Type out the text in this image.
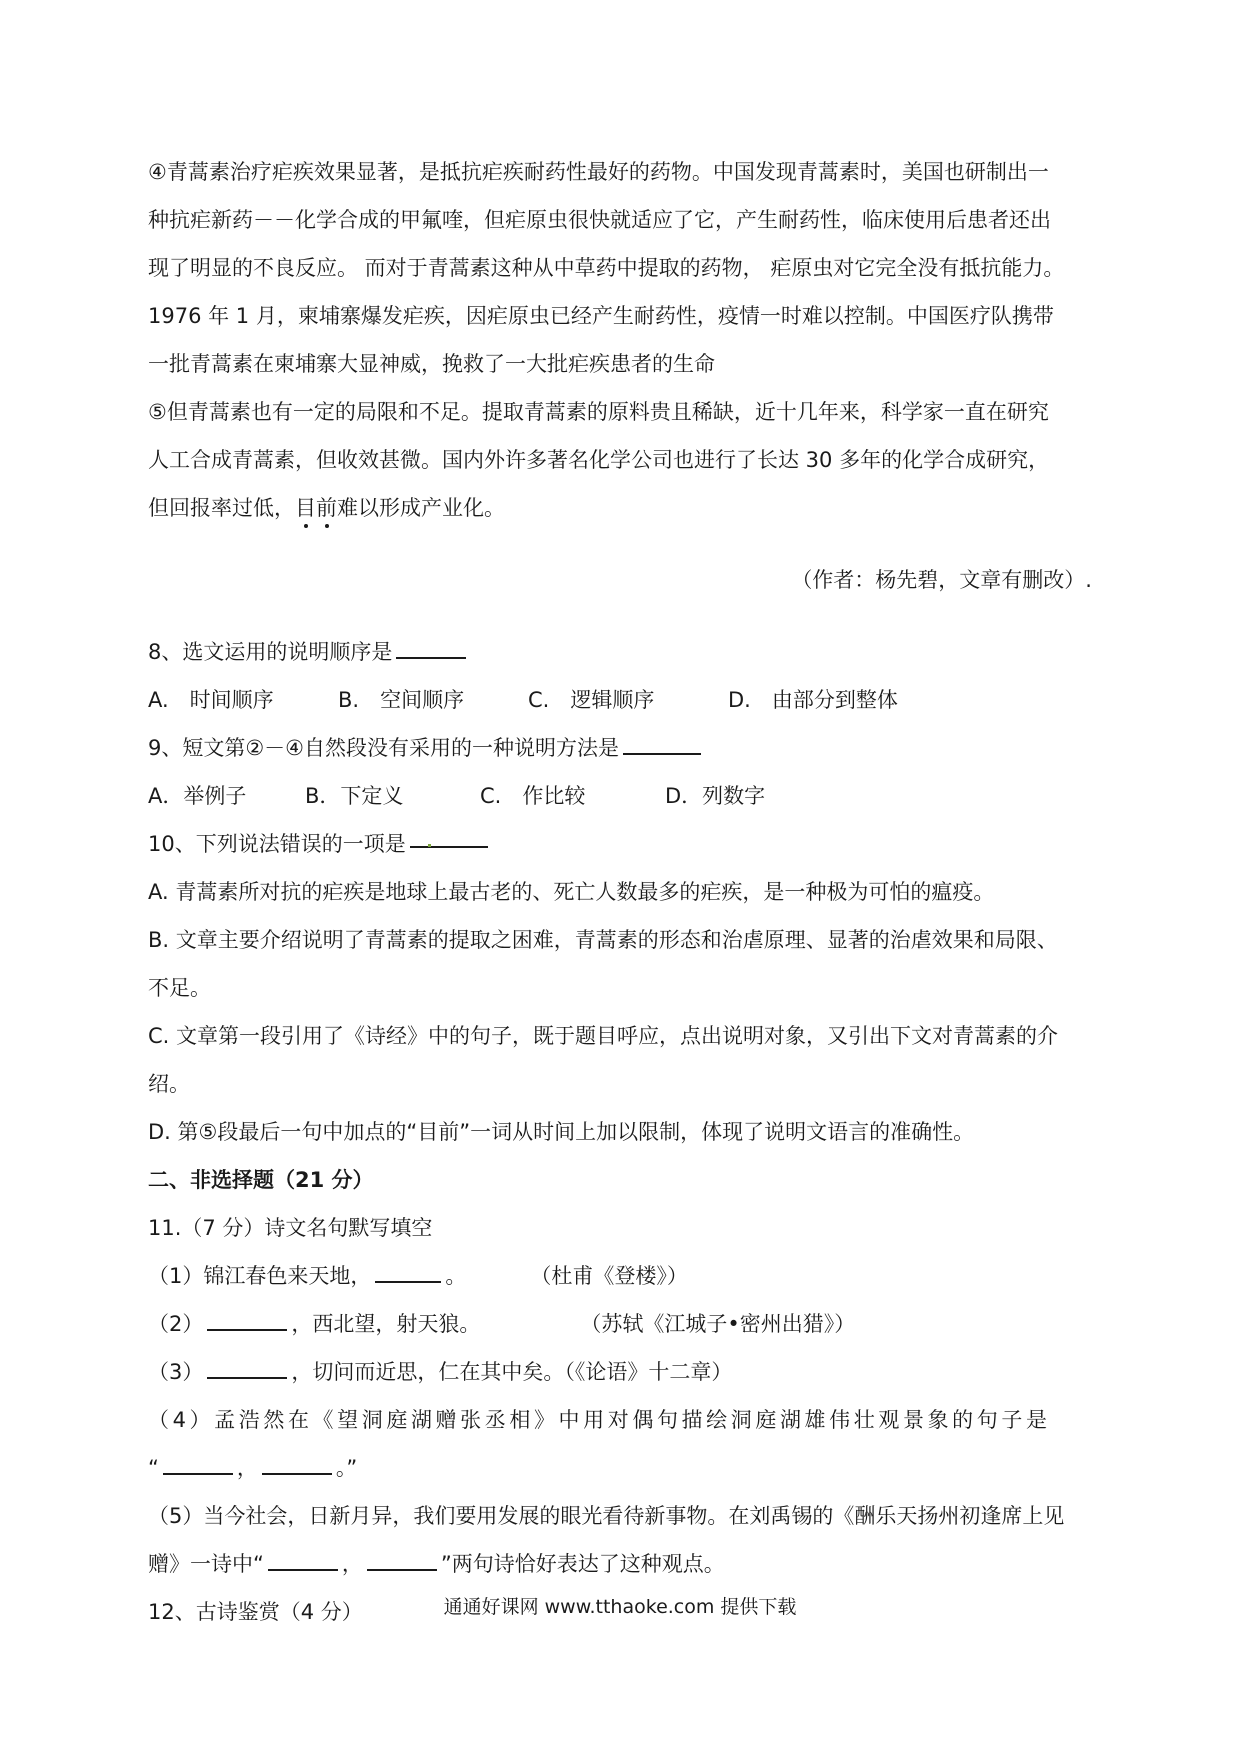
④青蒿素治疗疟疾效果显著，是抵抗疟疾耐药性最好的药物。中国发现青蒿素时，美国也研制出一
种抗疟新药－－化学合成的甲氟喹，但疟原虫很快就适应了它，产生耐药性，临床使用后患者还出
现了明显的不良反应。 而对于青蒿素这种从中草药中提取的药物， 疟原虫对它完全没有抵抗能力。
1976 年 1 月，柬埔寨爆发疟疾，因疟原虫已经产生耐药性，疫情一时难以控制。中国医疗队携带
一批青蒿素在柬埔寨大显神威，挽救了一大批疟疾患者的生命
⑤但青蒿素也有一定的局限和不足。提取青蒿素的原料贵且稀缺，近十几年来，科学家一直在研究
人工合成青蒿素，但收效甚微。国内外许多著名化学公司也进行了长达 30 多年的化学合成研究，
但回报率过低，目前难以形成产业化。
（作者：杨先碧，文章有删改）.
8、选文运用的说明顺序是
A.　时间顺序	B.　空间顺序	C.　逻辑顺序	D.　由部分到整体
9、短文第②－④自然段没有采用的一种说明方法是
A．举例子	B．下定义	C.　作比较	D．列数字
10、下列说法错误的一项是
A. 青蒿素所对抗的疟疾是地球上最古老的、死亡人数最多的疟疾，是一种极为可怕的瘟疫。
B. 文章主要介绍说明了青蒿素的提取之困难，青蒿素的形态和治虐原理、显著的治虐效果和局限、
不足。
C. 文章第一段引用了《诗经》中的句子，既于题目呼应，点出说明对象，又引出下文对青蒿素的介
绍。
D. 第⑤段最后一句中加点的“目前”一词从时间上加以限制，体现了说明文语言的准确性。
二、非选择题（21 分）
11.（7 分）诗文名句默写填空
（1）锦江春色来天地，	。	（杜甫《登楼》）
（2）	，西北望，射天狼。	（苏轼《江城子•密州出猎》）
（3）	，切问而近思，仁在其中矣。（《论语》十二章）
（4）孟浩然在《望洞庭湖赠张丞相》中用对偶句描绘洞庭湖雄伟壮观景象的句子是
“	，	。”
（5）当今社会，日新月异，我们要用发展的眼光看待新事物。在刘禹锡的《酬乐天扬州初逢席上见
赠》一诗中“	，	”两句诗恰好表达了这种观点。
12、古诗鉴赏（4 分）	通通好课网 www.tthaoke.com 提供下载
